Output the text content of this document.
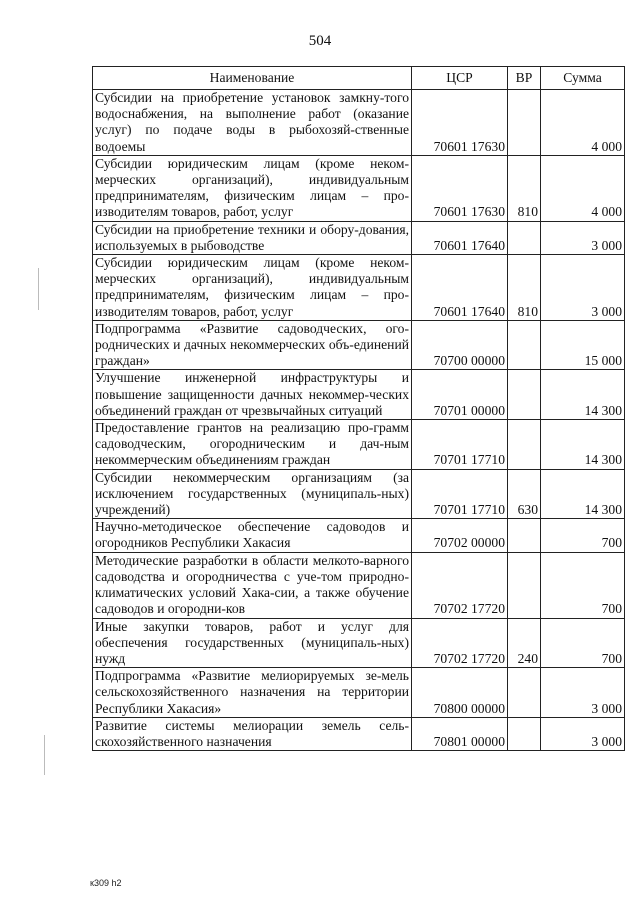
504
Наименование	ЦСР	ВР	Сумма
Субсидии на приобретение установок замкну-того водоснабжения, на выполнение работ (оказание услуг) по подаче воды в рыбохозяй-ственные водоемы	70601 17630		4 000
Субсидии юридическим лицам (кроме неком-мерческих организаций), индивидуальным предпринимателям, физическим лицам – про-изводителям товаров, работ, услуг	70601 17630	810	4 000
Субсидии на приобретение техники и обору-дования, используемых в рыбоводстве	70601 17640		3 000
Субсидии юридическим лицам (кроме неком-мерческих организаций), индивидуальным предпринимателям, физическим лицам – про-изводителям товаров, работ, услуг	70601 17640	810	3 000
Подпрограмма «Развитие садоводческих, ого-роднических и дачных некоммерческих объ-единений граждан»	70700 00000		15 000
Улучшение инженерной инфраструктуры и повышение защищенности дачных некоммер-ческих объединений граждан от чрезвычайных ситуаций	70701 00000		14 300
Предоставление грантов на реализацию про-грамм садоводческим, огородническим и дач-ным некоммерческим объединениям граждан	70701 17710		14 300
Субсидии некоммерческим организациям (за исключением государственных (муниципаль-ных) учреждений)	70701 17710	630	14 300
Научно-методическое обеспечение садоводов и огородников Республики Хакасия	70702 00000		700
Методические разработки в области мелкото-варного садоводства и огородничества с уче-том природно-климатических условий Хака-сии, а также обучение садоводов и огородни-ков	70702 17720		700
Иные закупки товаров, работ и услуг для обеспечения государственных (муниципаль-ных) нужд	70702 17720	240	700
Подпрограмма «Развитие мелиорируемых зе-мель сельскохозяйственного назначения на территории Республики Хакасия»	70800 00000		3 000
Развитие системы мелиорации земель сель-скохозяйственного назначения	70801 00000		3 000
к309 h2
